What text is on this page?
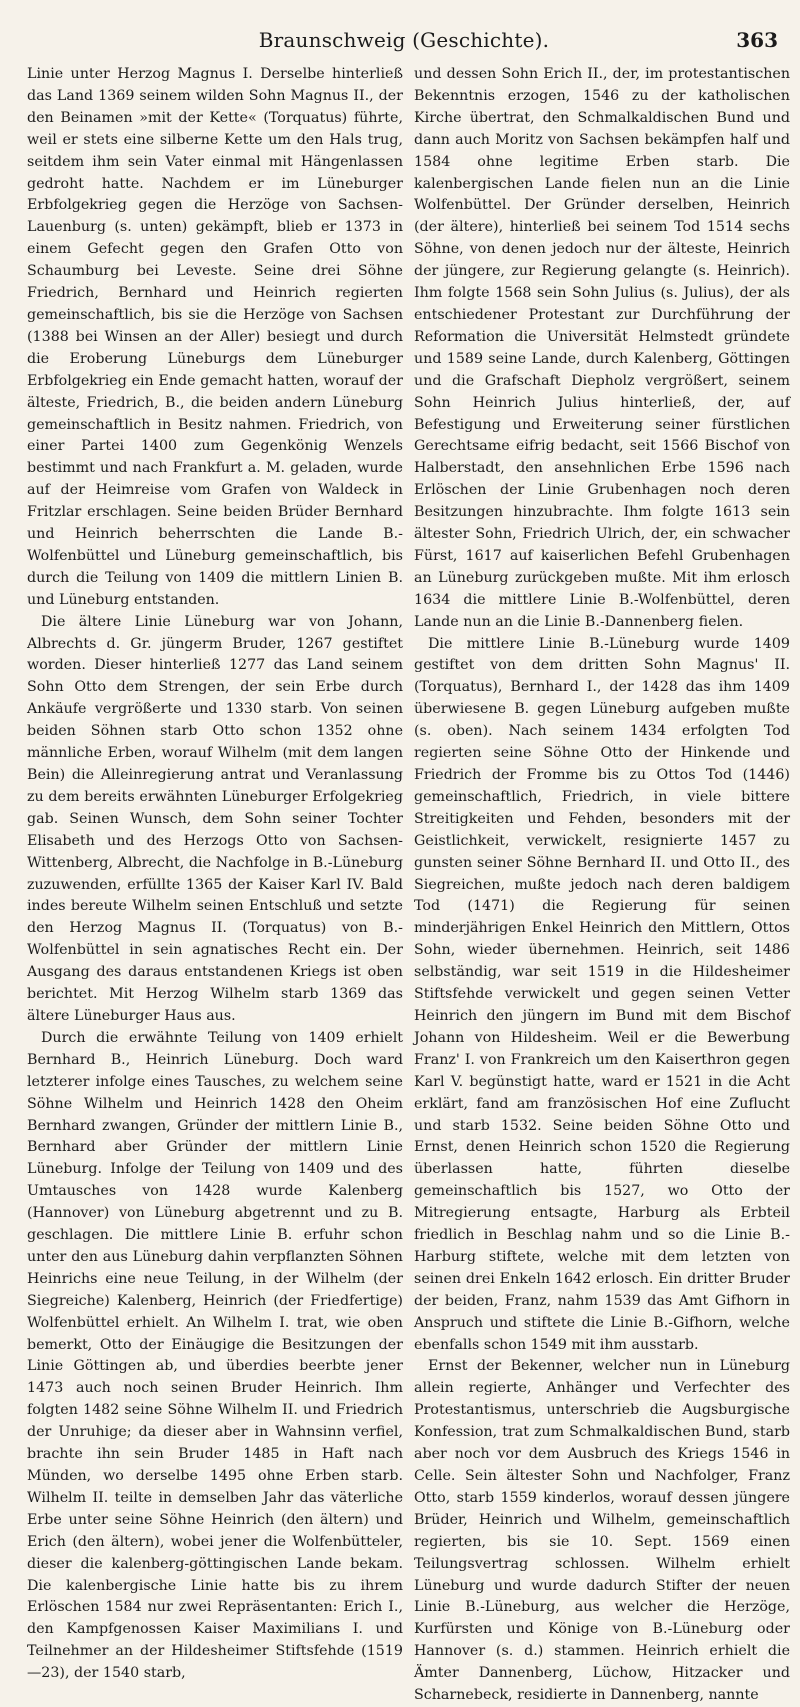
Braunschweig (Geschichte).	363

Linie unter Herzog Magnus I. Derselbe hinterließ das Land 1369 seinem wilden Sohn Magnus II., der den Beinamen »mit der Kette« (Torquatus) führte, weil er stets eine silberne Kette um den Hals trug, seitdem ihm sein Vater einmal mit Hängenlassen gedroht hatte. Nachdem er im Lüneburger Erbfolgekrieg gegen die Herzöge von Sachsen-Lauenburg (s. unten) gekämpft, blieb er 1373 in einem Gefecht gegen den Grafen Otto von Schaumburg bei Leveste. Seine drei Söhne Friedrich, Bernhard und Heinrich regierten gemeinschaftlich, bis sie die Herzöge von Sachsen (1388 bei Winsen an der Aller) besiegt und durch die Eroberung Lüneburgs dem Lüneburger Erbfolgekrieg ein Ende gemacht hatten, worauf der älteste, Friedrich, B., die beiden andern Lüneburg gemeinschaftlich in Besitz nahmen. Friedrich, von einer Partei 1400 zum Gegenkönig Wenzels bestimmt und nach Frankfurt a. M. geladen, wurde auf der Heimreise vom Grafen von Waldeck in Fritzlar erschlagen. Seine beiden Brüder Bernhard und Heinrich beherrschten die Lande B.-Wolfenbüttel und Lüneburg gemeinschaftlich, bis durch die Teilung von 1409 die mittlern Linien B. und Lüneburg entstanden.

Die ältere Linie Lüneburg war von Johann, Albrechts d. Gr. jüngerm Bruder, 1267 gestiftet worden. Dieser hinterließ 1277 das Land seinem Sohn Otto dem Strengen, der sein Erbe durch Ankäufe vergrößerte und 1330 starb. Von seinen beiden Söhnen starb Otto schon 1352 ohne männliche Erben, worauf Wilhelm (mit dem langen Bein) die Alleinregierung antrat und Veranlassung zu dem bereits erwähnten Lüneburger Erfolgekrieg gab. Seinen Wunsch, dem Sohn seiner Tochter Elisabeth und des Herzogs Otto von Sachsen-Wittenberg, Albrecht, die Nachfolge in B.-Lüneburg zuzuwenden, erfüllte 1365 der Kaiser Karl IV. Bald indes bereute Wilhelm seinen Entschluß und setzte den Herzog Magnus II. (Torquatus) von B.-Wolfenbüttel in sein agnatisches Recht ein. Der Ausgang des daraus entstandenen Kriegs ist oben berichtet. Mit Herzog Wilhelm starb 1369 das ältere Lüneburger Haus aus.

Durch die erwähnte Teilung von 1409 erhielt Bernhard B., Heinrich Lüneburg. Doch ward letzterer infolge eines Tausches, zu welchem seine Söhne Wilhelm und Heinrich 1428 den Oheim Bernhard zwangen, Gründer der mittlern Linie B., Bernhard aber Gründer der mittlern Linie Lüneburg. Infolge der Teilung von 1409 und des Umtausches von 1428 wurde Kalenberg (Hannover) von Lüneburg abgetrennt und zu B. geschlagen. Die mittlere Linie B. erfuhr schon unter den aus Lüneburg dahin verpflanzten Söhnen Heinrichs eine neue Teilung, in der Wilhelm (der Siegreiche) Kalenberg, Heinrich (der Friedfertige) Wolfenbüttel erhielt. An Wilhelm I. trat, wie oben bemerkt, Otto der Einäugige die Besitzungen der Linie Göttingen ab, und überdies beerbte jener 1473 auch noch seinen Bruder Heinrich. Ihm folgten 1482 seine Söhne Wilhelm II. und Friedrich der Unruhige; da dieser aber in Wahnsinn verfiel, brachte ihn sein Bruder 1485 in Haft nach Münden, wo derselbe 1495 ohne Erben starb. Wilhelm II. teilte in demselben Jahr das väterliche Erbe unter seine Söhne Heinrich (den ältern) und Erich (den ältern), wobei jener die Wolfenbütteler, dieser die kalenberg-göttingischen Lande bekam. Die kalenbergische Linie hatte bis zu ihrem Erlöschen 1584 nur zwei Repräsentanten: Erich I., den Kampfgenossen Kaiser Maximilians I. und Teilnehmer an der Hildesheimer Stiftsfehde (1519—23), der 1540 starb,

und dessen Sohn Erich II., der, im protestantischen Bekenntnis erzogen, 1546 zu der katholischen Kirche übertrat, den Schmalkaldischen Bund und dann auch Moritz von Sachsen bekämpfen half und 1584 ohne legitime Erben starb. Die kalenbergischen Lande fielen nun an die Linie Wolfenbüttel. Der Gründer derselben, Heinrich (der ältere), hinterließ bei seinem Tod 1514 sechs Söhne, von denen jedoch nur der älteste, Heinrich der jüngere, zur Regierung gelangte (s. Heinrich). Ihm folgte 1568 sein Sohn Julius (s. Julius), der als entschiedener Protestant zur Durchführung der Reformation die Universität Helmstedt gründete und 1589 seine Lande, durch Kalenberg, Göttingen und die Grafschaft Diepholz vergrößert, seinem Sohn Heinrich Julius hinterließ, der, auf Befestigung und Erweiterung seiner fürstlichen Gerechtsame eifrig bedacht, seit 1566 Bischof von Halberstadt, den ansehnlichen Erbe 1596 nach Erlöschen der Linie Grubenhagen noch deren Besitzungen hinzubrachte. Ihm folgte 1613 sein ältester Sohn, Friedrich Ulrich, der, ein schwacher Fürst, 1617 auf kaiserlichen Befehl Grubenhagen an Lüneburg zurückgeben mußte. Mit ihm erlosch 1634 die mittlere Linie B.-Wolfenbüttel, deren Lande nun an die Linie B.-Dannenberg fielen.

Die mittlere Linie B.-Lüneburg wurde 1409 gestiftet von dem dritten Sohn Magnus' II. (Torquatus), Bernhard I., der 1428 das ihm 1409 überwiesene B. gegen Lüneburg aufgeben mußte (s. oben). Nach seinem 1434 erfolgten Tod regierten seine Söhne Otto der Hinkende und Friedrich der Fromme bis zu Ottos Tod (1446) gemeinschaftlich, Friedrich, in viele bittere Streitigkeiten und Fehden, besonders mit der Geistlichkeit, verwickelt, resignierte 1457 zu gunsten seiner Söhne Bernhard II. und Otto II., des Siegreichen, mußte jedoch nach deren baldigem Tod (1471) die Regierung für seinen minderjährigen Enkel Heinrich den Mittlern, Ottos Sohn, wieder übernehmen. Heinrich, seit 1486 selbständig, war seit 1519 in die Hildesheimer Stiftsfehde verwickelt und gegen seinen Vetter Heinrich den jüngern im Bund mit dem Bischof Johann von Hildesheim. Weil er die Bewerbung Franz' I. von Frankreich um den Kaiserthron gegen Karl V. begünstigt hatte, ward er 1521 in die Acht erklärt, fand am französischen Hof eine Zuflucht und starb 1532. Seine beiden Söhne Otto und Ernst, denen Heinrich schon 1520 die Regierung überlassen hatte, führten dieselbe gemeinschaftlich bis 1527, wo Otto der Mitregierung entsagte, Harburg als Erbteil friedlich in Beschlag nahm und so die Linie B.-Harburg stiftete, welche mit dem letzten von seinen drei Enkeln 1642 erlosch. Ein dritter Bruder der beiden, Franz, nahm 1539 das Amt Gifhorn in Anspruch und stiftete die Linie B.-Gifhorn, welche ebenfalls schon 1549 mit ihm ausstarb.

Ernst der Bekenner, welcher nun in Lüneburg allein regierte, Anhänger und Verfechter des Protestantismus, unterschrieb die Augsburgische Konfession, trat zum Schmalkaldischen Bund, starb aber noch vor dem Ausbruch des Kriegs 1546 in Celle. Sein ältester Sohn und Nachfolger, Franz Otto, starb 1559 kinderlos, worauf dessen jüngere Brüder, Heinrich und Wilhelm, gemeinschaftlich regierten, bis sie 10. Sept. 1569 einen Teilungsvertrag schlossen. Wilhelm erhielt Lüneburg und wurde dadurch Stifter der neuen Linie B.-Lüneburg, aus welcher die Herzöge, Kurfürsten und Könige von B.-Lüneburg oder Hannover (s. d.) stammen. Heinrich erhielt die Ämter Dannenberg, Lüchow, Hitzacker und Scharnebeck, residierte in Dannenberg, nannte
